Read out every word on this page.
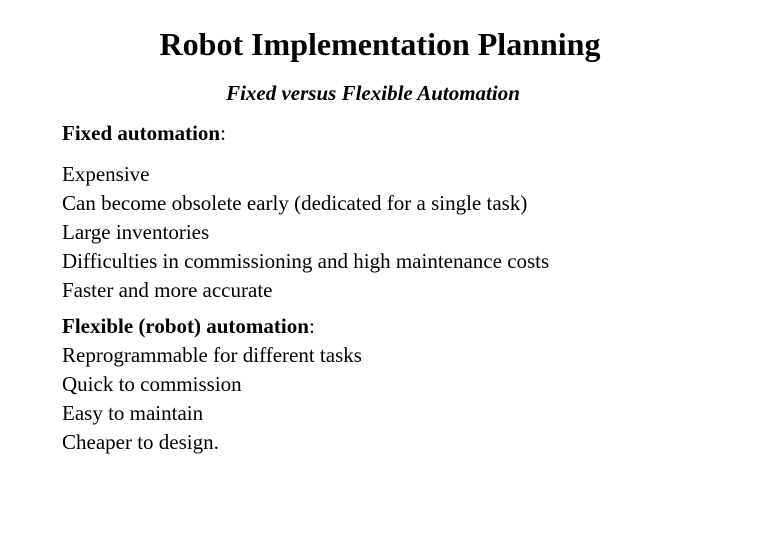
Robot Implementation Planning

Fixed versus Flexible Automation

Fixed automation:

Expensive
Can become obsolete early (dedicated for a single task)
Large inventories
Difficulties in commissioning and high maintenance costs
Faster and more accurate

Flexible (robot) automation:

Reprogrammable for different tasks
Quick to commission
Easy to maintain
Cheaper to design.
